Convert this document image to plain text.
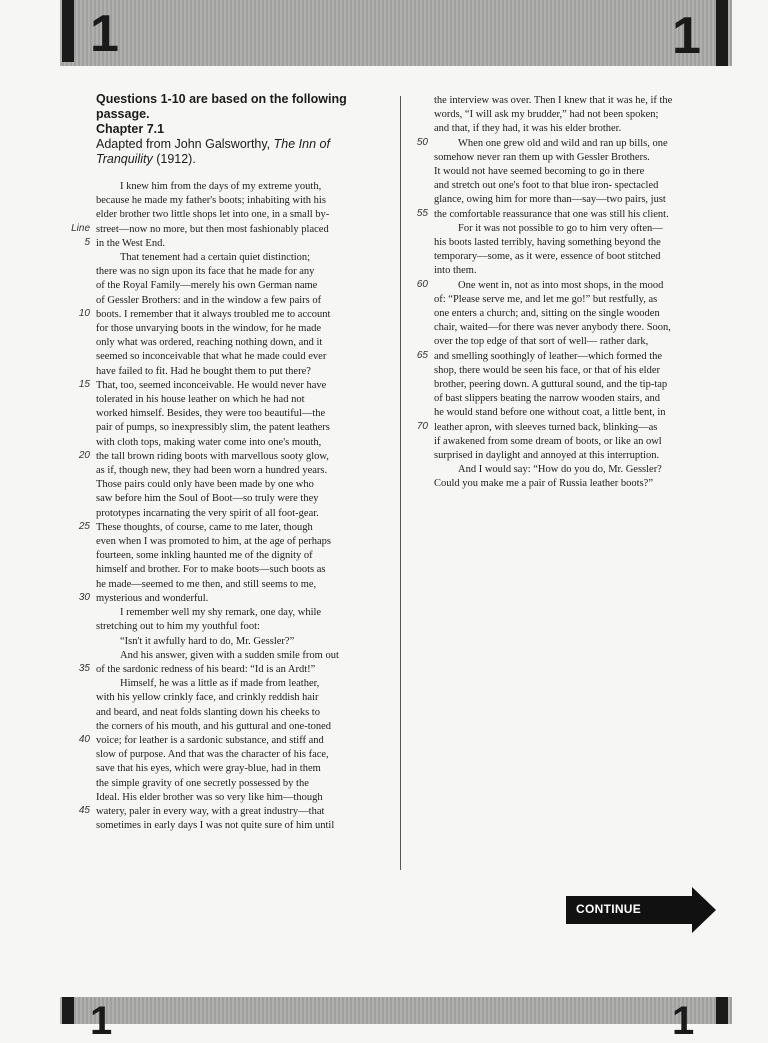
1	1
Questions 1-10 are based on the following
passage.
Chapter 7.1
Adapted from John Galsworthy, The Inn of
Tranquility (1912).
I knew him from the days of my extreme youth,
because he made my father's boots; inhabiting with his
elder brother two little shops let into one, in a small by-
street—now no more, but then most fashionably placed
in the West End.
That tenement had a certain quiet distinction;
there was no sign upon its face that he made for any
of the Royal Family—merely his own German name
of Gessler Brothers: and in the window a few pairs of
boots. I remember that it always troubled me to account
for those unvarying boots in the window, for he made
only what was ordered, reaching nothing down, and it
seemed so inconceivable that what he made could ever
have failed to fit. Had he bought them to put there?
That, too, seemed inconceivable. He would never have
tolerated in his house leather on which he had not
worked himself. Besides, they were too beautiful—the
pair of pumps, so inexpressibly slim, the patent leathers
with cloth tops, making water come into one's mouth,
the tall brown riding boots with marvellous sooty glow,
as if, though new, they had been worn a hundred years.
Those pairs could only have been made by one who
saw before him the Soul of Boot—so truly were they
prototypes incarnating the very spirit of all foot-gear.
These thoughts, of course, came to me later, though
even when I was promoted to him, at the age of perhaps
fourteen, some inkling haunted me of the dignity of
himself and brother. For to make boots—such boots as
he made—seemed to me then, and still seems to me,
mysterious and wonderful.
I remember well my shy remark, one day, while
stretching out to him my youthful foot:
“Isn't it awfully hard to do, Mr. Gessler?”
And his answer, given with a sudden smile from out
of the sardonic redness of his beard: “Id is an Ardt!”
Himself, he was a little as if made from leather,
with his yellow crinkly face, and crinkly reddish hair
and beard, and neat folds slanting down his cheeks to
the corners of his mouth, and his guttural and one-toned
voice; for leather is a sardonic substance, and stiff and
slow of purpose. And that was the character of his face,
save that his eyes, which were gray-blue, had in them
the simple gravity of one secretly possessed by the
Ideal. His elder brother was so very like him—though
watery, paler in every way, with a great industry—that
sometimes in early days I was not quite sure of him until
Line
5
10
15
20
25
30
35
40
45
the interview was over. Then I knew that it was he, if the
words, “I will ask my brudder,” had not been spoken;
and that, if they had, it was his elder brother.
When one grew old and wild and ran up bills, one
somehow never ran them up with Gessler Brothers.
It would not have seemed becoming to go in there
and stretch out one's foot to that blue iron- spectacled
glance, owing him for more than—say—two pairs, just
the comfortable reassurance that one was still his client.
For it was not possible to go to him very often—
his boots lasted terribly, having something beyond the
temporary—some, as it were, essence of boot stitched
into them.
One went in, not as into most shops, in the mood
of: “Please serve me, and let me go!” but restfully, as
one enters a church; and, sitting on the single wooden
chair, waited—for there was never anybody there. Soon,
over the top edge of that sort of well— rather dark,
and smelling soothingly of leather—which formed the
shop, there would be seen his face, or that of his elder
brother, peering down. A guttural sound, and the tip-tap
of bast slippers beating the narrow wooden stairs, and
he would stand before one without coat, a little bent, in
leather apron, with sleeves turned back, blinking—as
if awakened from some dream of boots, or like an owl
surprised in daylight and annoyed at this interruption.
And I would say: “How do you do, Mr. Gessler?
Could you make me a pair of Russia leather boots?”
50
55
60
65
70
CONTINUE
1	1
